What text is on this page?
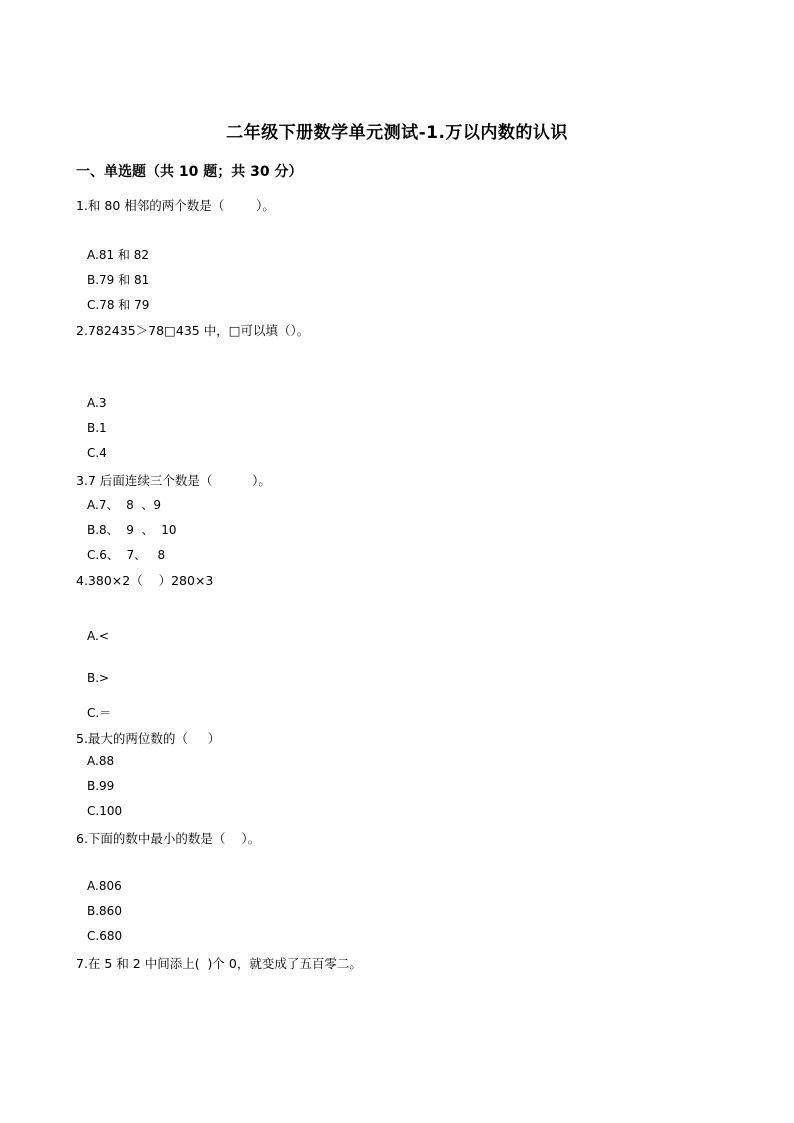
二年级下册数学单元测试-1.万以内数的认识
一、单选题（共 10 题；共 30 分）
1.和 80 相邻的两个数是（        ）。
A.81 和 82
B.79 和 81
C.78 和 79
2.782435＞78□435 中，□可以填（）。
A.3
B.1
C.4
3.7 后面连续三个数是（          ）。
A.7、  8  、9
B.8、  9  、  10
C.6、  7、   8
4.380×2（    ）280×3
A.<
B.>
C.＝
5.最大的两位数的（     ）
A.88
B.99
C.100
6.下面的数中最小的数是（    ）。
A.806
B.860
C.680
7.在 5 和 2 中间添上(  )个 0，就变成了五百零二。
